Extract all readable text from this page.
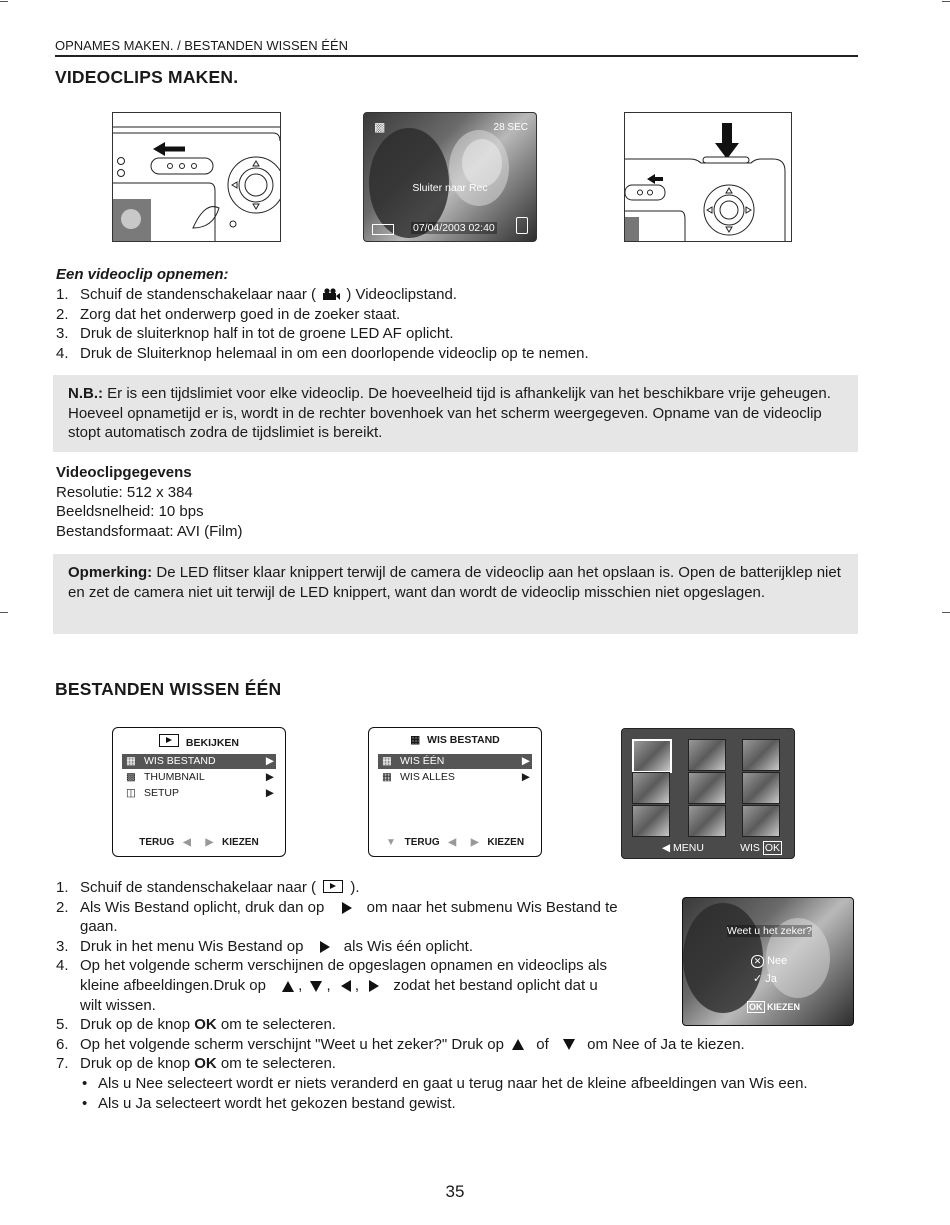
OPNAMES MAKEN. / BESTANDEN WISSEN ÉÉN
VIDEOCLIPS MAKEN.
▩	28 SEC
Sluiter naar Rec
07/04/2003 02:40
Een videoclip opnemen:
1. Schuif de standenschakelaar naar ( ) Videoclipstand.
2. Zorg dat het onderwerp goed in de zoeker staat.
3. Druk de sluiterknop half in tot de groene LED AF oplicht.
4. Druk de Sluiterknop helemaal in om een doorlopende videoclip op te nemen.
N.B.: Er is een tijdslimiet voor elke videoclip. De hoeveelheid tijd is afhankelijk van het beschikbare vrije geheugen. Hoeveel opnametijd er is, wordt in de rechter bovenhoek van het scherm weergegeven. Opname van de videoclip stopt automatisch zodra de tijdslimiet is bereikt.
Videoclipgegevens
Resolutie: 512 x 384
Beeldsnelheid: 10 bps
Bestandsformaat: AVI (Film)
Opmerking: De LED flitser klaar knippert terwijl de camera de videoclip aan het opslaan is. Open de batterijklep niet en zet de camera niet uit terwijl de LED knippert, want dan wordt de videoclip misschien niet opgeslagen.
BESTANDEN WISSEN ÉÉN
BEKIJKEN
▦ WIS BESTAND	▶
▩ THUMBNAIL	▶
◫ SETUP	▶
TERUG ◀ ▶ KIEZEN
▦ WIS BESTAND
▦ WIS ÉÉN	▶
▦ WIS ALLES	▶
▼ TERUG ◀ ▶ KIEZEN	◀ MENU	WIS OK
1. Schuif de standenschakelaar naar ( ).
2. Als Wis Bestand oplicht, druk dan op	om naar het submenu Wis Bestand te gaan.
3. Druk in het menu Wis Bestand op	als Wis één oplicht.
4. Op het volgende scherm verschijnen de opgeslagen opnamen en videoclips als
kleine afbeeldingen.Druk op , , ,  zodat het bestand oplicht dat u
wilt wissen.
5. Druk op de knop OK om te selecteren.
6. Op het volgende scherm verschijnt "Weet u het zeker?" Druk op of	om Nee of Ja te kiezen.
7. Druk op de knop OK om te selecteren.
• Als u Nee selecteert wordt er niets veranderd en gaat u terug naar het de kleine afbeeldingen van Wis een.
• Als u Ja selecteert wordt het gekozen bestand gewist.
Weet u het zeker?
✕ Nee
✓ Ja
OK KIEZEN
35
